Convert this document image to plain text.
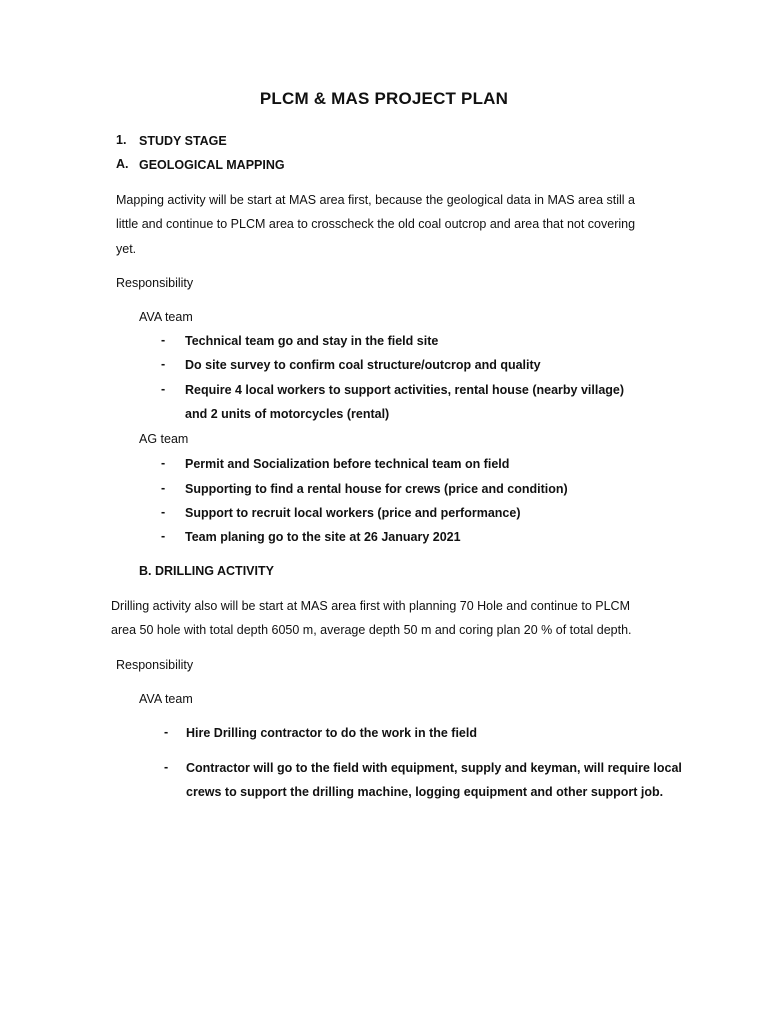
PLCM & MAS PROJECT PLAN
1. STUDY STAGE
A. GEOLOGICAL MAPPING
Mapping activity will be start at MAS area first, because the geological data in MAS area still a
little and continue to PLCM area to crosscheck the old coal outcrop and area that not covering
yet.
Responsibility
AVA team
- Technical team go and stay in the field site
- Do site survey to confirm coal structure/outcrop and quality
- Require 4 local workers to support activities, rental house (nearby village)
and 2 units of motorcycles (rental)
AG team
- Permit and Socialization before technical team on field
- Supporting to find a rental house for crews (price and condition)
- Support to recruit local workers (price and performance)
- Team planing go to the site at 26 January 2021
B. DRILLING ACTIVITY
Drilling activity also will be start at MAS area first with planning 70 Hole and continue to PLCM
area 50 hole with total depth 6050 m, average depth 50 m and coring plan 20 % of total depth.
Responsibility
AVA team
- Hire Drilling contractor to do the work in the field
- Contractor will go to the field with equipment, supply and keyman, will require local
crews to support the drilling machine, logging equipment and other support job.
